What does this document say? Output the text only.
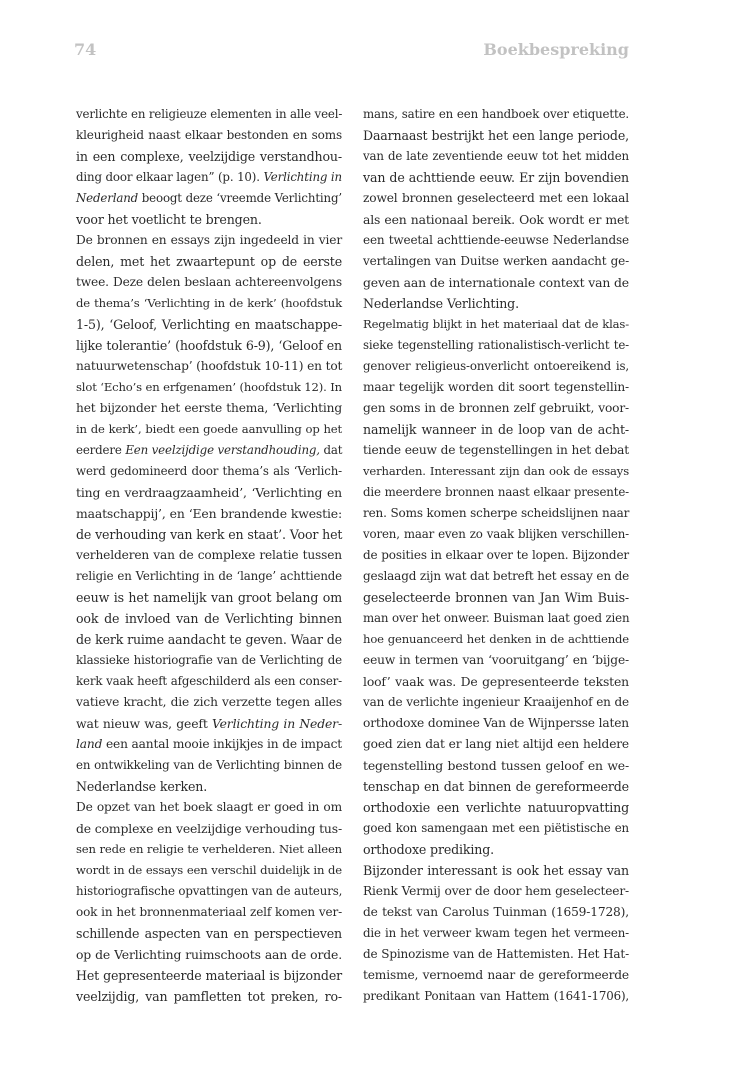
74	Boekbespreking

verlichte en religieuze elementen in alle veel-
kleurigheid naast elkaar bestonden en soms
in een complexe, veelzijdige verstandhou-
ding door elkaar lagen” (p. 10). Verlichting in
Nederland beoogt deze ‘vreemde Verlichting’
voor het voetlicht te brengen.

De bronnen en essays zijn ingedeeld in vier
delen, met het zwaartepunt op de eerste
twee. Deze delen beslaan achtereenvolgens
de thema’s ‘Verlichting in de kerk’ (hoofdstuk
1-5), ‘Geloof, Verlichting en maatschappe-
lijke tolerantie’ (hoofdstuk 6-9), ‘Geloof en
natuurwetenschap’ (hoofdstuk 10-11) en tot
slot ‘Echo’s en erfgenamen’ (hoofdstuk 12). In
het bijzonder het eerste thema, ‘Verlichting
in de kerk’, biedt een goede aanvulling op het
eerdere Een veelzijdige verstandhouding, dat
werd gedomineerd door thema’s als ‘Verlich-
ting en verdraagzaamheid’, ‘Verlichting en
maatschappij’, en ‘Een brandende kwestie:
de verhouding van kerk en staat’. Voor het
verhelderen van de complexe relatie tussen
religie en Verlichting in de ‘lange’ achttiende
eeuw is het namelijk van groot belang om
ook de invloed van de Verlichting binnen
de kerk ruime aandacht te geven. Waar de
klassieke historiografie van de Verlichting de
kerk vaak heeft afgeschilderd als een conser-
vatieve kracht, die zich verzette tegen alles
wat nieuw was, geeft Verlichting in Neder-
land een aantal mooie inkijkjes in de impact
en ontwikkeling van de Verlichting binnen de
Nederlandse kerken.

De opzet van het boek slaagt er goed in om
de complexe en veelzijdige verhouding tus-
sen rede en religie te verhelderen. Niet alleen
wordt in de essays een verschil duidelijk in de
historiografische opvattingen van de auteurs,
ook in het bronnenmateriaal zelf komen ver-
schillende aspecten van en perspectieven
op de Verlichting ruimschoots aan de orde.
Het gepresenteerde materiaal is bijzonder
veelzijdig, van pamfletten tot preken, ro-

mans, satire en een handboek over etiquette.
Daarnaast bestrijkt het een lange periode,
van de late zeventiende eeuw tot het midden
van de achttiende eeuw. Er zijn bovendien
zowel bronnen geselecteerd met een lokaal
als een nationaal bereik. Ook wordt er met
een tweetal achttiende-eeuwse Nederlandse
vertalingen van Duitse werken aandacht ge-
geven aan de internationale context van de
Nederlandse Verlichting.

Regelmatig blijkt in het materiaal dat de klas-
sieke tegenstelling rationalistisch-verlicht te-
genover religieus-onverlicht ontoereikend is,
maar tegelijk worden dit soort tegenstellin-
gen soms in de bronnen zelf gebruikt, voor-
namelijk wanneer in de loop van de acht-
tiende eeuw de tegenstellingen in het debat
verharden. Interessant zijn dan ook de essays
die meerdere bronnen naast elkaar presente-
ren. Soms komen scherpe scheidslijnen naar
voren, maar even zo vaak blijken verschillen-
de posities in elkaar over te lopen. Bijzonder
geslaagd zijn wat dat betreft het essay en de
geselecteerde bronnen van Jan Wim Buis-
man over het onweer. Buisman laat goed zien
hoe genuanceerd het denken in de achttiende
eeuw in termen van ‘vooruitgang’ en ‘bijge-
loof’ vaak was. De gepresenteerde teksten
van de verlichte ingenieur Kraaijenhof en de
orthodoxe dominee Van de Wijnpersse laten
goed zien dat er lang niet altijd een heldere
tegenstelling bestond tussen geloof en we-
tenschap en dat binnen de gereformeerde
orthodoxie een verlichte natuuropvatting
goed kon samengaan met een piëtistische en
orthodoxe prediking.

Bijzonder interessant is ook het essay van
Rienk Vermij over de door hem geselecteer-
de tekst van Carolus Tuinman (1659-1728),
die in het verweer kwam tegen het vermeen-
de Spinozisme van de Hattemisten. Het Hat-
temisme, vernoemd naar de gereformeerde
predikant Ponitaan van Hattem (1641-1706),
